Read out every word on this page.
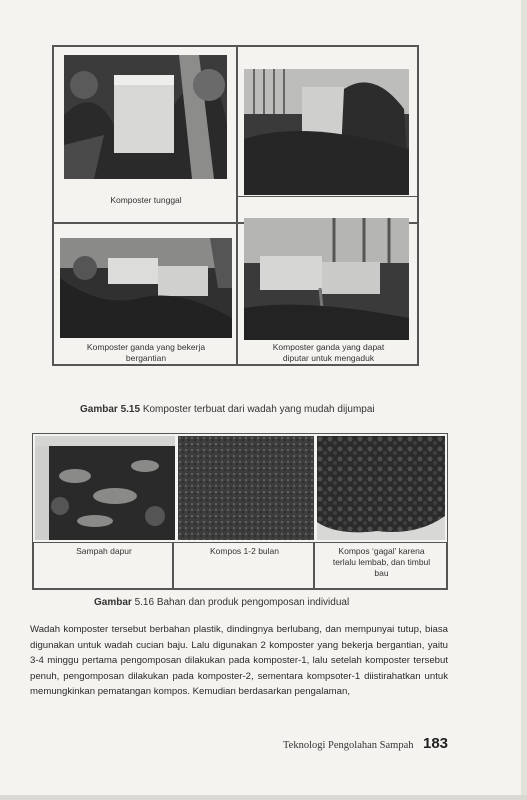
Komposter tunggal
Komposter ganda yang bekerja
bergantian
Komposter ganda yang dapat
diputar untuk mengaduk
Gambar 5.15 Komposter terbuat dari wadah yang mudah dijumpai
Sampah dapur	Kompos 1-2 bulan	Kompos ‘gagal’ karena
terlalu lembab, dan timbul
bau
Gambar 5.16 Bahan dan produk pengomposan individual

Wadah komposter tersebut berbahan plastik, dindingnya berlubang, dan mempunyai tutup, biasa digunakan untuk wadah cucian baju. Lalu digunakan 2 komposter yang bekerja bergantian, yaitu 3-4 minggu pertama pengomposan dilakukan pada komposter-1, lalu setelah komposter tersebut penuh, pengomposan dilakukan pada komposter-2, sementara kompsoter-1 diistirahatkan untuk memungkinkan pematangan kompos. Kemudian berdasarkan pengalaman,

Teknologi Pengolahan Sampah 183
